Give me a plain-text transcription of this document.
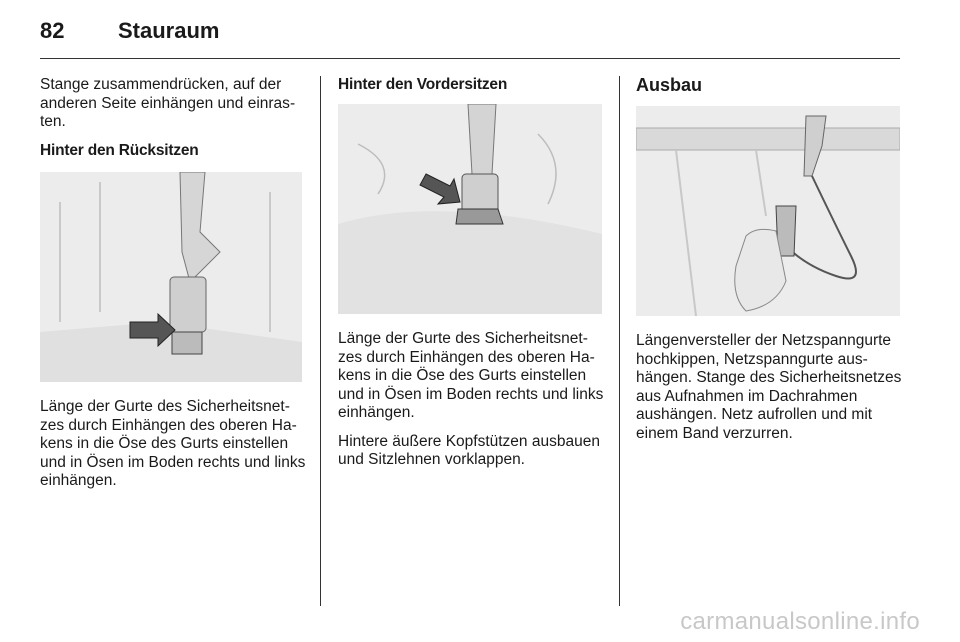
82 Stauraum

Stange zusammendrücken, auf der anderen Seite einhängen und einrasten.

Hinter den Rücksitzen

Länge der Gurte des Sicherheitsnetzes durch Einhängen des oberen Hakens in die Öse des Gurts einstellen und in Ösen im Boden rechts und links einhängen.

Hinter den Vordersitzen

Länge der Gurte des Sicherheitsnetzes durch Einhängen des oberen Hakens in die Öse des Gurts einstellen und in Ösen im Boden rechts und links einhängen.

Hintere äußere Kopfstützen ausbauen und Sitzlehnen vorklappen.

Ausbau

Längenversteller der Netzspanngurte hochkippen, Netzspanngurte aushängen. Stange des Sicherheitsnetzes aus Aufnahmen im Dachrahmen aushängen. Netz aufrollen und mit einem Band verzurren.

carmanualsonline.info
